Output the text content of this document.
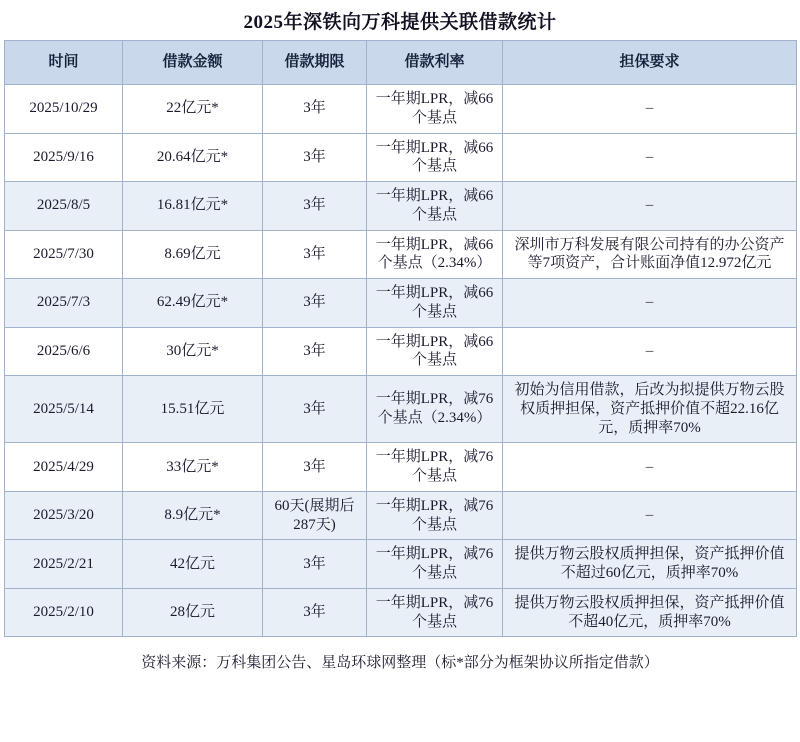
2025年深铁向万科提供关联借款统计
时间	借款金额	借款期限	借款利率	担保要求
2025/10/29	22亿元*	3年	一年期LPR，减66个基点	–
2025/9/16	20.64亿元*	3年	一年期LPR，减66个基点	–
2025/8/5	16.81亿元*	3年	一年期LPR，减66个基点	–
2025/7/30	8.69亿元	3年	一年期LPR，减66个基点（2.34%）	深圳市万科发展有限公司持有的办公资产等7项资产，合计账面净值12.972亿元
2025/7/3	62.49亿元*	3年	一年期LPR，减66个基点	–
2025/6/6	30亿元*	3年	一年期LPR，减66个基点	–
2025/5/14	15.51亿元	3年	一年期LPR，减76个基点（2.34%）	初始为信用借款，后改为拟提供万物云股权质押担保，资产抵押价值不超22.16亿元，质押率70%
2025/4/29	33亿元*	3年	一年期LPR，减76个基点	–
2025/3/20	8.9亿元*	60天(展期后287天)	一年期LPR，减76个基点	–
2025/2/21	42亿元	3年	一年期LPR，减76个基点	提供万物云股权质押担保，资产抵押价值不超过60亿元，质押率70%
2025/2/10	28亿元	3年	一年期LPR，减76个基点	提供万物云股权质押担保，资产抵押价值不超40亿元，质押率70%
资料来源：万科集团公告、星岛环球网整理（标*部分为框架协议所指定借款）
